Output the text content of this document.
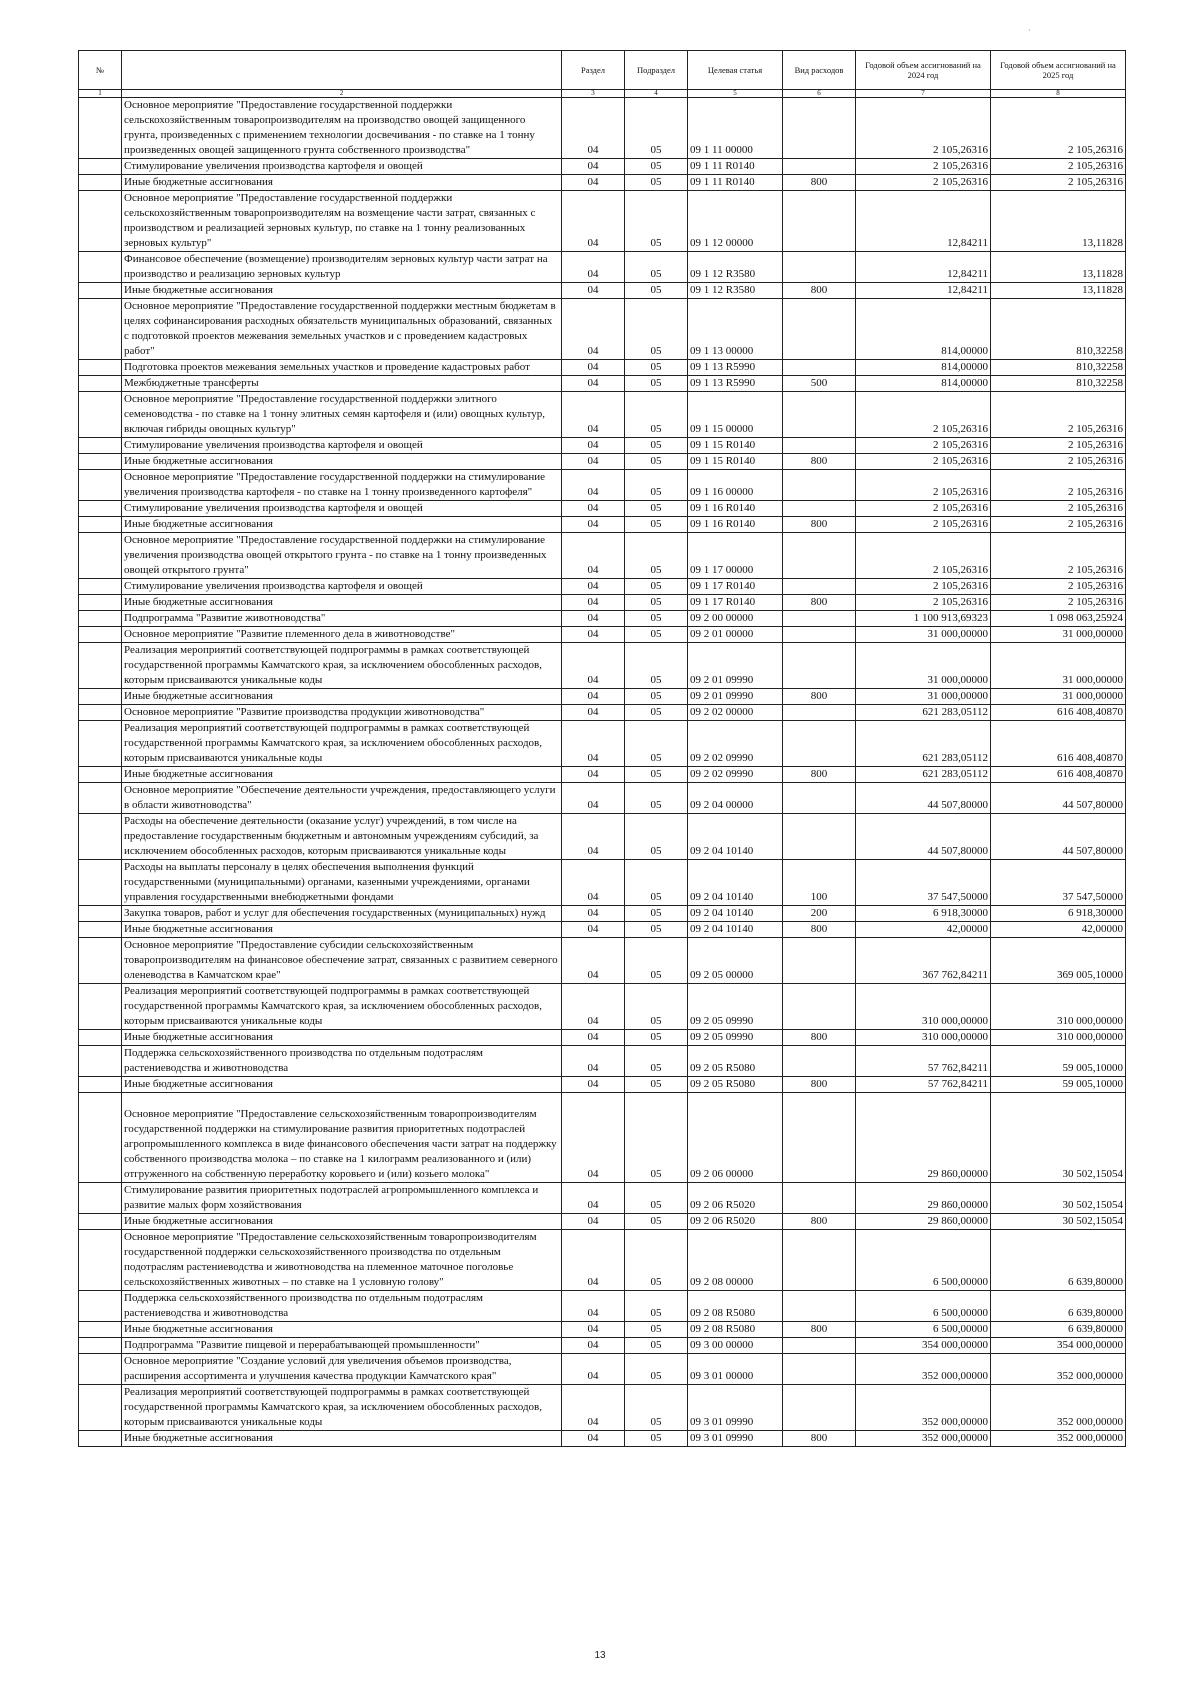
·
№		Раздел	Подраздел	Целевая статья	Вид расходов	Годовой объем ассигнований на 2024 год	Годовой объем ассигнований на 2025 год
1	2	3	4	5	6	7	8
	Основное мероприятие "Предоставление государственной поддержки сельскохозяйственным товаропроизводителям на производство овощей защищенного грунта, произведенных с применением технологии досвечивания - по ставке на 1 тонну произведенных овощей защищенного грунта собственного производства"	04	05	09 1 11 00000		2 105,26316	2 105,26316
	Стимулирование увеличения производства картофеля и овощей	04	05	09 1 11 R0140		2 105,26316	2 105,26316
	Иные бюджетные ассигнования	04	05	09 1 11 R0140	800	2 105,26316	2 105,26316
	Основное мероприятие "Предоставление государственной поддержки сельскохозяйственным товаропроизводителям на возмещение части затрат, связанных с производством и реализацией зерновых культур, по ставке на 1 тонну реализованных зерновых культур"	04	05	09 1 12 00000		12,84211	13,11828
	Финансовое обеспечение (возмещение) производителям зерновых культур части затрат на производство и реализацию зерновых культур	04	05	09 1 12 R3580		12,84211	13,11828
	Иные бюджетные ассигнования	04	05	09 1 12 R3580	800	12,84211	13,11828
	Основное мероприятие "Предоставление государственной поддержки местным бюджетам в целях софинансирования расходных обязательств муниципальных образований, связанных с подготовкой проектов межевания земельных участков и с проведением кадастровых работ"	04	05	09 1 13 00000		814,00000	810,32258
	Подготовка проектов межевания земельных участков и проведение кадастровых работ	04	05	09 1 13 R5990		814,00000	810,32258
	Межбюджетные трансферты	04	05	09 1 13 R5990	500	814,00000	810,32258
	Основное мероприятие "Предоставление государственной поддержки элитного семеноводства - по ставке на 1 тонну элитных семян картофеля и (или) овощных культур, включая гибриды овощных культур"	04	05	09 1 15 00000		2 105,26316	2 105,26316
	Стимулирование увеличения производства картофеля и овощей	04	05	09 1 15 R0140		2 105,26316	2 105,26316
	Иные бюджетные ассигнования	04	05	09 1 15 R0140	800	2 105,26316	2 105,26316
	Основное мероприятие "Предоставление государственной поддержки на стимулирование увеличения производства картофеля - по ставке на 1 тонну произведенного картофеля"	04	05	09 1 16 00000		2 105,26316	2 105,26316
	Стимулирование увеличения производства картофеля и овощей	04	05	09 1 16 R0140		2 105,26316	2 105,26316
	Иные бюджетные ассигнования	04	05	09 1 16 R0140	800	2 105,26316	2 105,26316
	Основное мероприятие "Предоставление государственной поддержки на стимулирование увеличения производства овощей открытого грунта - по ставке на 1 тонну произведенных овощей открытого грунта"	04	05	09 1 17 00000		2 105,26316	2 105,26316
	Стимулирование увеличения производства картофеля и овощей	04	05	09 1 17 R0140		2 105,26316	2 105,26316
	Иные бюджетные ассигнования	04	05	09 1 17 R0140	800	2 105,26316	2 105,26316
	Подпрограмма "Развитие животноводства"	04	05	09 2 00 00000		1 100 913,69323	1 098 063,25924
	Основное мероприятие "Развитие племенного дела в животноводстве"	04	05	09 2 01 00000		31 000,00000	31 000,00000
	Реализация мероприятий соответствующей подпрограммы в рамках соответствующей государственной программы Камчатского края, за исключением обособленных расходов, которым присваиваются уникальные коды	04	05	09 2 01 09990		31 000,00000	31 000,00000
	Иные бюджетные ассигнования	04	05	09 2 01 09990	800	31 000,00000	31 000,00000
	Основное мероприятие "Развитие производства продукции животноводства"	04	05	09 2 02 00000		621 283,05112	616 408,40870
	Реализация мероприятий соответствующей подпрограммы в рамках соответствующей государственной программы Камчатского края, за исключением обособленных расходов, которым присваиваются уникальные коды	04	05	09 2 02 09990		621 283,05112	616 408,40870
	Иные бюджетные ассигнования	04	05	09 2 02 09990	800	621 283,05112	616 408,40870
	Основное мероприятие "Обеспечение деятельности учреждения, предоставляющего услуги в области животноводства"	04	05	09 2 04 00000		44 507,80000	44 507,80000
	Расходы на обеспечение деятельности (оказание услуг) учреждений, в том числе на предоставление государственным бюджетным и автономным учреждениям субсидий, за исключением обособленных расходов, которым присваиваются уникальные коды	04	05	09 2 04 10140		44 507,80000	44 507,80000
	Расходы на выплаты персоналу в целях обеспечения выполнения функций государственными (муниципальными) органами, казенными учреждениями, органами управления государственными внебюджетными фондами	04	05	09 2 04 10140	100	37 547,50000	37 547,50000
	Закупка товаров, работ и услуг для обеспечения государственных (муниципальных) нужд	04	05	09 2 04 10140	200	6 918,30000	6 918,30000
	Иные бюджетные ассигнования	04	05	09 2 04 10140	800	42,00000	42,00000
	Основное мероприятие "Предоставление субсидии сельскохозяйственным товаропроизводителям на финансовое обеспечение затрат, связанных с развитием северного оленеводства в Камчатском крае"	04	05	09 2 05 00000		367 762,84211	369 005,10000
	Реализация мероприятий соответствующей подпрограммы в рамках соответствующей государственной программы Камчатского края, за исключением обособленных расходов, которым присваиваются уникальные коды	04	05	09 2 05 09990		310 000,00000	310 000,00000
	Иные бюджетные ассигнования	04	05	09 2 05 09990	800	310 000,00000	310 000,00000
	Поддержка сельскохозяйственного производства по отдельным подотраслям растениеводства и животноводства	04	05	09 2 05 R5080		57 762,84211	59 005,10000
	Иные бюджетные ассигнования	04	05	09 2 05 R5080	800	57 762,84211	59 005,10000
	Основное мероприятие "Предоставление сельскохозяйственным товаропроизводителям государственной поддержки на стимулирование развития приоритетных подотраслей агропромышленного комплекса в виде финансового обеспечения части затрат на поддержку собственного производства молока – по ставке на 1 килограмм реализованного и (или) отгруженного на собственную переработку коровьего и (или) козьего молока"	04	05	09 2 06 00000		29 860,00000	30 502,15054
	Стимулирование развития приоритетных подотраслей агропромышленного комплекса и развитие малых форм хозяйствования	04	05	09 2 06 R5020		29 860,00000	30 502,15054
	Иные бюджетные ассигнования	04	05	09 2 06 R5020	800	29 860,00000	30 502,15054
	Основное мероприятие "Предоставление сельскохозяйственным товаропроизводителям государственной поддержки сельскохозяйственного производства по отдельным подотраслям растениеводства и животноводства на племенное маточное поголовье сельскохозяйственных животных – по ставке на 1 условную голову"	04	05	09 2 08 00000		6 500,00000	6 639,80000
	Поддержка сельскохозяйственного производства по отдельным подотраслям растениеводства и животноводства	04	05	09 2 08 R5080		6 500,00000	6 639,80000
	Иные бюджетные ассигнования	04	05	09 2 08 R5080	800	6 500,00000	6 639,80000
	Подпрограмма "Развитие пищевой и перерабатывающей промышленности"	04	05	09 3 00 00000		354 000,00000	354 000,00000
	Основное мероприятие "Создание условий для увеличения объемов производства, расширения ассортимента и улучшения качества продукции Камчатского края"	04	05	09 3 01 00000		352 000,00000	352 000,00000
	Реализация мероприятий соответствующей подпрограммы в рамках соответствующей государственной программы Камчатского края, за исключением обособленных расходов, которым присваиваются уникальные коды	04	05	09 3 01 09990		352 000,00000	352 000,00000
	Иные бюджетные ассигнования	04	05	09 3 01 09990	800	352 000,00000	352 000,00000
13
